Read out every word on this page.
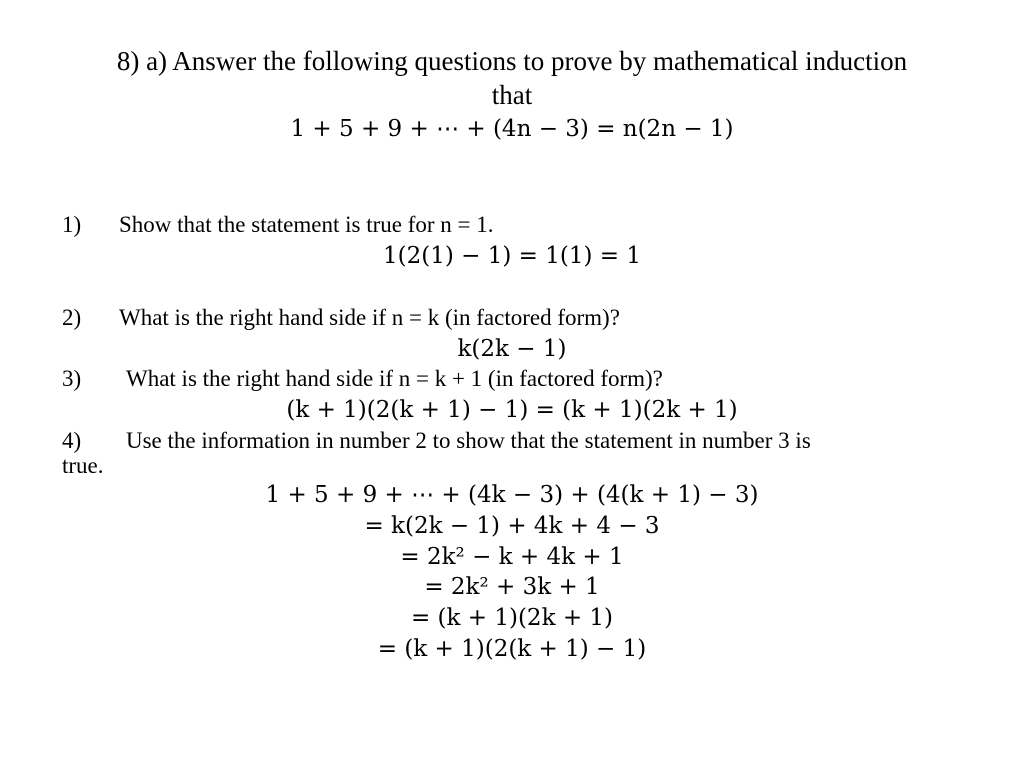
8) a) Answer the following questions to prove by mathematical induction
that
1 + 5 + 9 + ⋯ + (4n − 3) = n(2n − 1)
1) Show that the statement is true for n = 1.
1(2(1) − 1) = 1(1) = 1
2) What is the right hand side if n = k (in factored form)?
k(2k − 1)
3) What is the right hand side if n = k + 1 (in factored form)?
(k + 1)(2(k + 1) − 1) = (k + 1)(2k + 1)
4) Use the information in number 2 to show that the statement in number 3 is
true.
1 + 5 + 9 + ⋯ + (4k − 3) + (4(k + 1) − 3)
= k(2k − 1) + 4k + 4 − 3
= 2k² − k + 4k + 1
= 2k² + 3k + 1
= (k + 1)(2k + 1)
= (k + 1)(2(k + 1) − 1)
